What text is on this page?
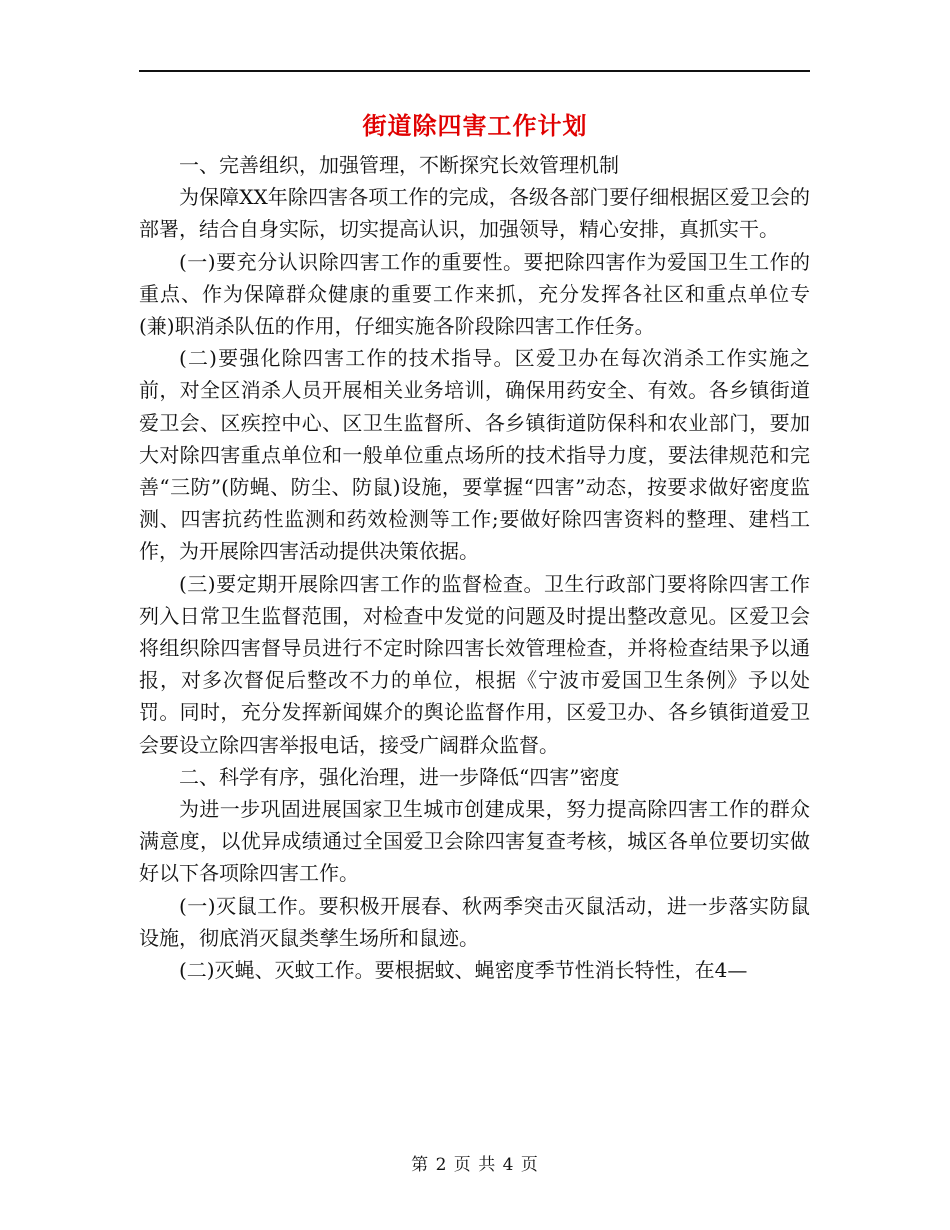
街道除四害工作计划

一、完善组织，加强管理，不断探究长效管理机制

为保障XX年除四害各项工作的完成，各级各部门要仔细根据区爱卫会的部署，结合自身实际，切实提高认识，加强领导，精心安排，真抓实干。

(一)要充分认识除四害工作的重要性。要把除四害作为爱国卫生工作的重点、作为保障群众健康的重要工作来抓，充分发挥各社区和重点单位专(兼)职消杀队伍的作用，仔细实施各阶段除四害工作任务。

(二)要强化除四害工作的技术指导。区爱卫办在每次消杀工作实施之前，对全区消杀人员开展相关业务培训，确保用药安全、有效。各乡镇街道爱卫会、区疾控中心、区卫生监督所、各乡镇街道防保科和农业部门，要加大对除四害重点单位和一般单位重点场所的技术指导力度，要法律规范和完善“三防”(防蝇、防尘、防鼠)设施，要掌握“四害”动态，按要求做好密度监测、四害抗药性监测和药效检测等工作;要做好除四害资料的整理、建档工作，为开展除四害活动提供决策依据。

(三)要定期开展除四害工作的监督检查。卫生行政部门要将除四害工作列入日常卫生监督范围，对检查中发觉的问题及时提出整改意见。区爱卫会将组织除四害督导员进行不定时除四害长效管理检查，并将检查结果予以通报，对多次督促后整改不力的单位，根据《宁波市爱国卫生条例》予以处罚。同时，充分发挥新闻媒介的舆论监督作用，区爱卫办、各乡镇街道爱卫会要设立除四害举报电话，接受广阔群众监督。

二、科学有序，强化治理，进一步降低“四害”密度

为进一步巩固进展国家卫生城市创建成果，努力提高除四害工作的群众满意度，以优异成绩通过全国爱卫会除四害复查考核，城区各单位要切实做好以下各项除四害工作。

(一)灭鼠工作。要积极开展春、秋两季突击灭鼠活动，进一步落实防鼠设施，彻底消灭鼠类孳生场所和鼠迹。

(二)灭蝇、灭蚊工作。要根据蚊、蝇密度季节性消长特性，在4—

第 2 页 共 4 页
